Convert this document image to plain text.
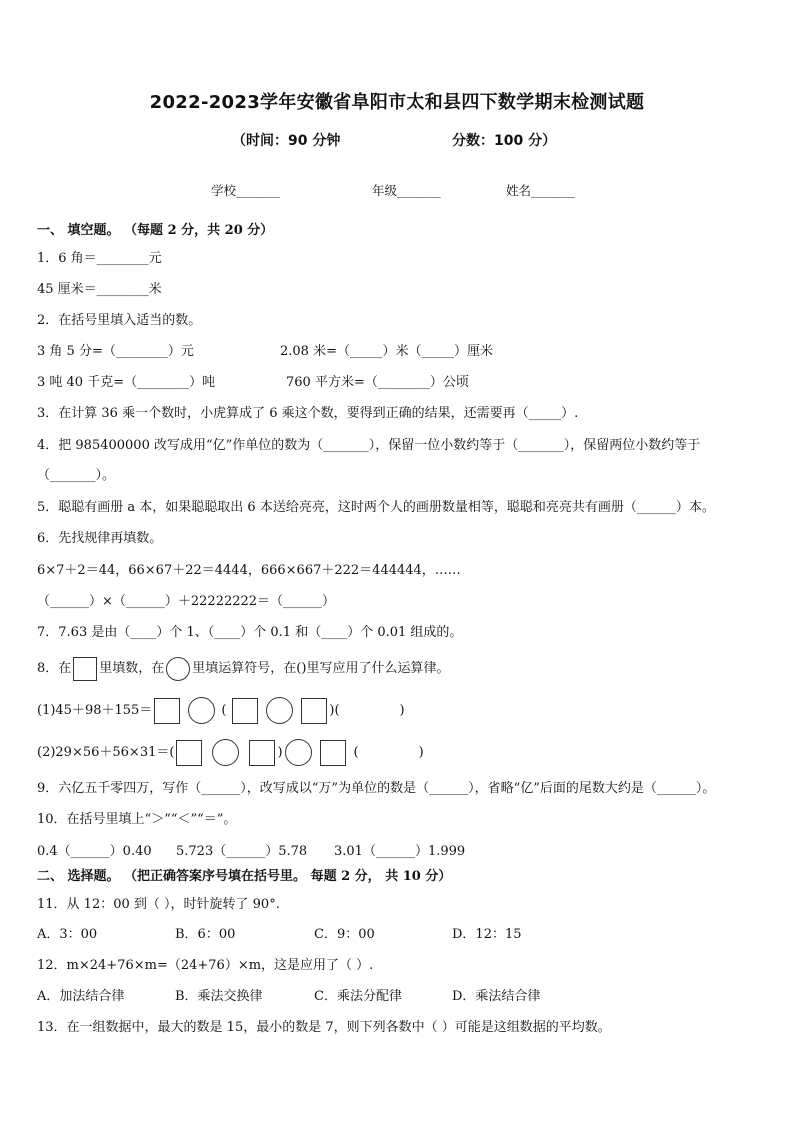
2022-2023学年安徽省阜阳市太和县四下数学期末检测试题
（时间：90 分钟	分数：100 分）
学校_______	年级_______	姓名_______
一、 填空题。 （每题 2 分，共 20 分）
1．6 角＝________元
45 厘米＝________米
2．在括号里填入适当的数。
3 角 5 分=（________）元	2.08 米=（_____）米（_____）厘米
3 吨 40 千克=（________）吨	760 平方米=（________）公顷
3．在计算 36 乘一个数时，小虎算成了 6 乘这个数，要得到正确的结果，还需要再（_____）.
4．把 985400000 改写成用“亿”作单位的数为（_______），保留一位小数约等于（_______），保留两位小数约等于
（_______）。
5．聪聪有画册 a 本，如果聪聪取出 6 本送给亮亮，这时两个人的画册数量相等，聪聪和亮亮共有画册（______）本。
6．先找规律再填数。
6×7＋2＝44，66×67＋22＝4444，666×667＋222＝444444，……
（______）×（______）＋22222222＝（______）
7．7.63 是由（____）个 1、（____）个 0.1 和（____）个 0.01 组成的。
8．在 里填数，在 里填运算符号，在()里写应用了什么运算律。
(1)45＋98＋155＝	(	)(	)
(2)29×56＋56×31＝(	)	(	)
9．六亿五千零四万，写作（______），改写成以“万”为单位的数是（______），省略“亿”后面的尾数大约是（______）。
10．在括号里填上“＞”“＜”“＝”。
0.4（______）0.40 5.723（______）5.78 3.01（______）1.999
二、 选择题。 （把正确答案序号填在括号里。 每题 2 分， 共 10 分）
11．从 12：00 到（ ），时针旋转了 90°.
A．3：00	B．6：00	C．9：00	D．12：15
12．m×24+76×m=（24+76）×m，这是应用了（ ）.
A．加法结合律	B．乘法交换律	C．乘法分配律	D．乘法结合律
13．在一组数据中，最大的数是 15，最小的数是 7，则下列各数中（ ）可能是这组数据的平均数。
